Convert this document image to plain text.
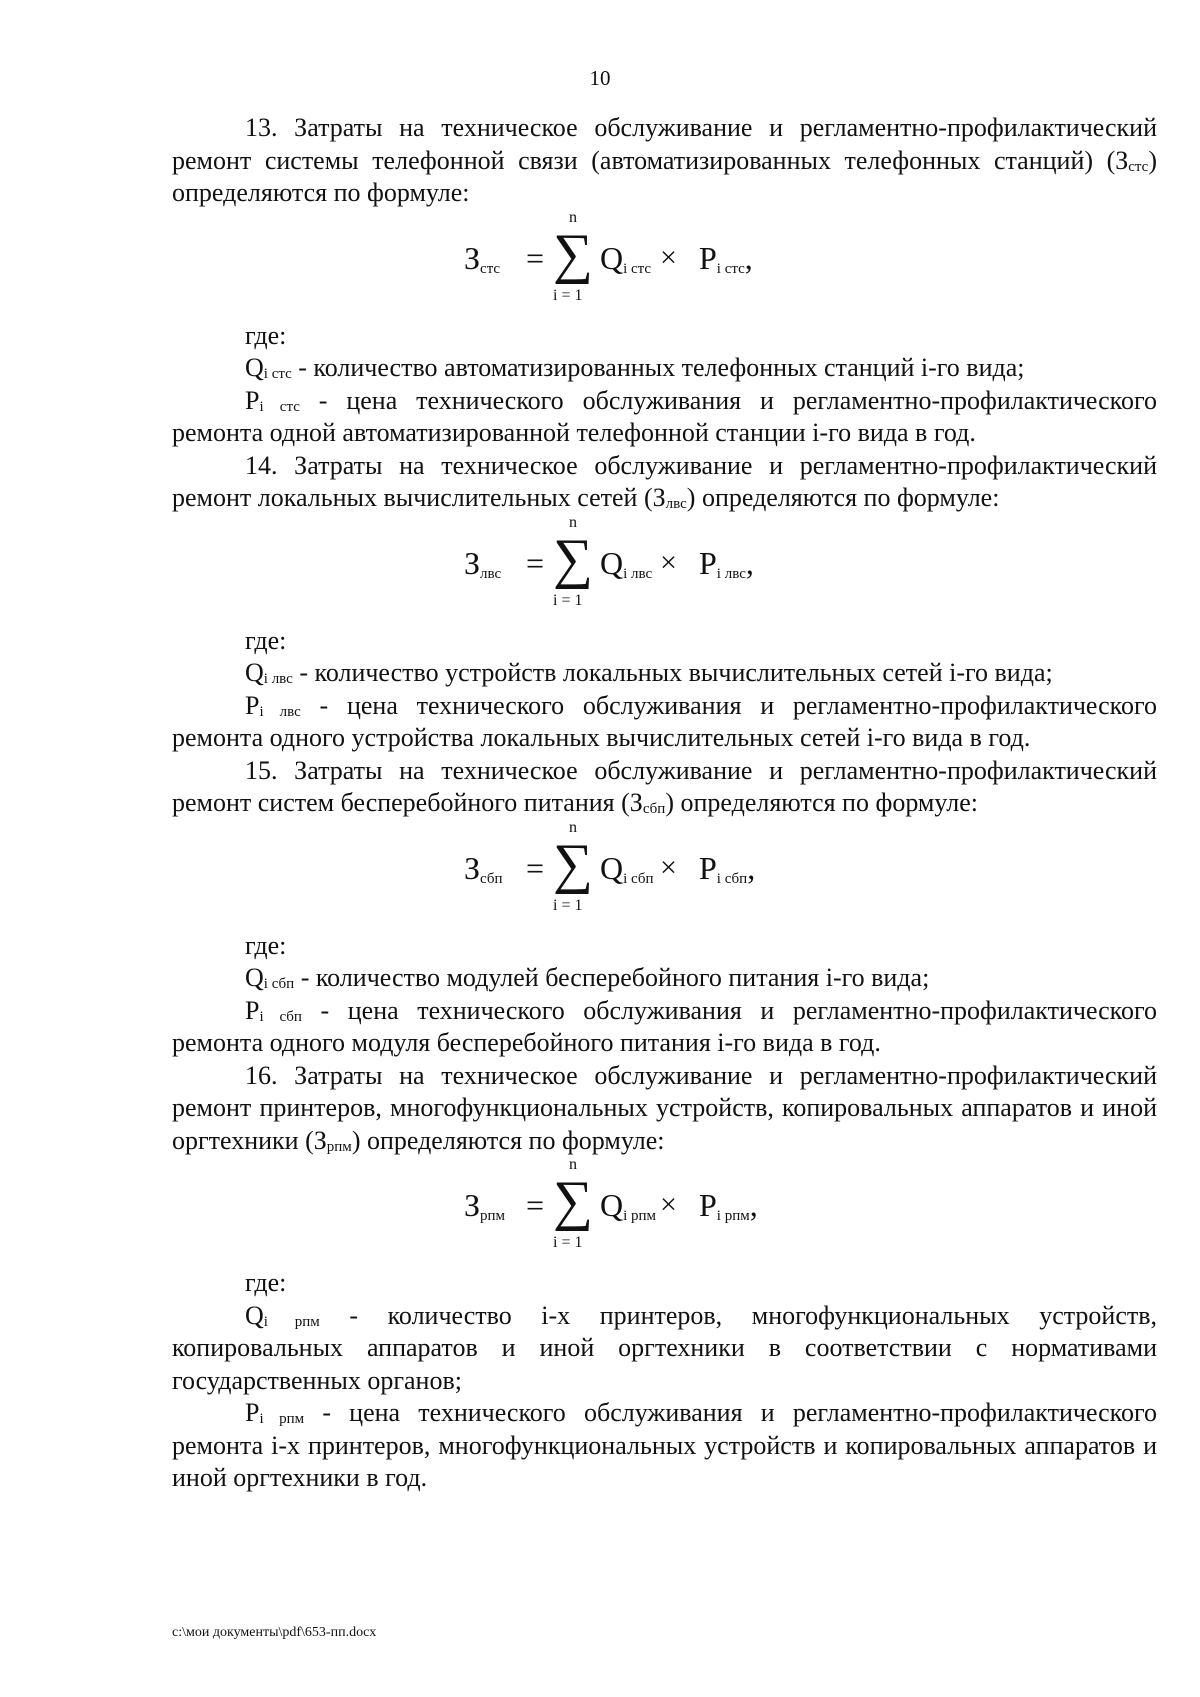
10

13. Затраты на техническое обслуживание и регламентно-профилактический ремонт системы телефонной связи (автоматизированных телефонных станций) $(З_{стс})$ определяются по формуле:

$З_{стс}$ =
n
∑
i = 1
$Q_{i стс} \times P_{i стс}$,

где:

$Q_{i стс}$ - количество автоматизированных телефонных станций i-го вида;

$P_{i стс}$ - цена технического обслуживания и регламентно-профилактического ремонта одной автоматизированной телефонной станции i-го вида в год.

14. Затраты на техническое обслуживание и регламентно-профилактический ремонт локальных вычислительных сетей $(З_{лвс})$ определяются по формуле:

$З_{лвс}$ =
n
∑
i = 1
$Q_{i лвс} \times P_{i лвс}$,

где:

$Q_{i лвс}$ - количество устройств локальных вычислительных сетей i-го вида;

$P_{i лвс}$ - цена технического обслуживания и регламентно-профилактического ремонта одного устройства локальных вычислительных сетей i-го вида в год.

15. Затраты на техническое обслуживание и регламентно-профилактический ремонт систем бесперебойного питания $(З_{сбп})$ определяются по формуле:

$З_{сбп}$ =
n
∑
i = 1
$Q_{i сбп} \times P_{i сбп}$,

где:

$Q_{i сбп}$ - количество модулей бесперебойного питания i-го вида;

$P_{i сбп}$ - цена технического обслуживания и регламентно-профилактического ремонта одного модуля бесперебойного питания i-го вида в год.

16. Затраты на техническое обслуживание и регламентно-профилактический ремонт принтеров, многофункциональных устройств, копировальных аппаратов и иной оргтехники $(З_{рпм})$ определяются по формуле:

$З_{рпм}$ =
n
∑
i = 1
$Q_{i рпм} \times P_{i рпм}$,

где:

$Q_{i рпм}$ - количество i-х принтеров, многофункциональных устройств, копировальных аппаратов и иной оргтехники в соответствии с нормативами государственных органов;

$P_{i рпм}$ - цена технического обслуживания и регламентно-профилактического ремонта i-х принтеров, многофункциональных устройств и копировальных аппаратов и иной оргтехники в год.

c:\мои документы\pdf\653-пп.docx
